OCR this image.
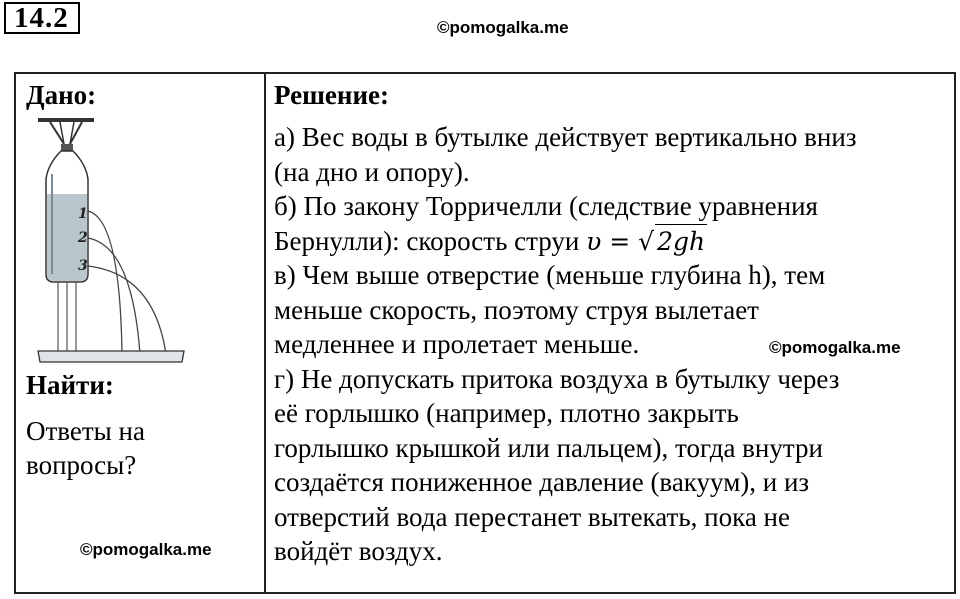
14.2	©pomogalka.me
Дано:
1
2
3
Найти:
Ответы на
вопросы?
Решение:
а) Вес воды в бутылке действует вертикально вниз
(на дно и опору).
б) По закону Торричелли (следствие уравнения
Бернулли): скорость струи υ = √ 2gh
в) Чем выше отверстие (меньше глубина h), тем
меньше скорость, поэтому струя вылетает
медленнее и пролетает меньше.
г) Не допускать притока воздуха в бутылку через
её горлышко (например, плотно закрыть
горлышко крышкой или пальцем), тогда внутри
создаётся пониженное давление (вакуум), и из
отверстий вода перестанет вытекать, пока не
войдёт воздух.
©pomogalka.me
©pomogalka.me
